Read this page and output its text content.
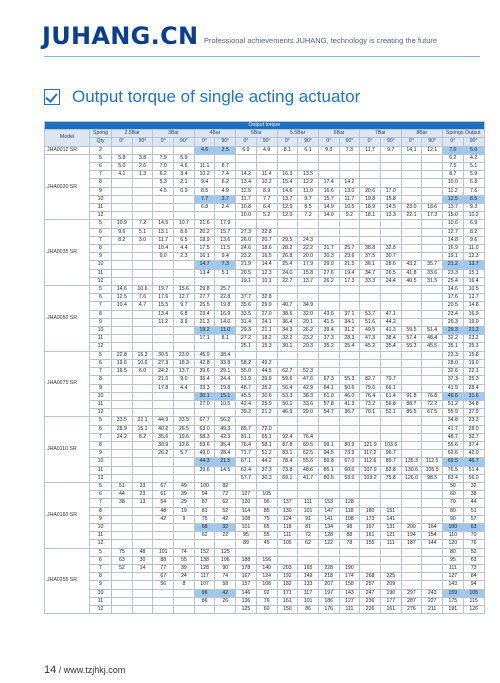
JUHANG.CN Professional achievements JUHANG, technology is creating the future
Output torque of single acting actuator
Output torque																			
Model	Spring	2.5Bar		3Bar		4Bar		5Bar		5.5Bar		6Bar		7Bar		8Bar		Springs Output	
	Qty	0°	90°	0°	90°	0°	90°	0°	90°	0°	90°	0°	90°	0°	90°	0°	90°	0°	90°
JHA0012 SR	2					4.6	2.5	6.9	4.9	8.1	6.1	9.3	7.3	11.7	9.7	14.1	12.1	7.0	5.0
JHA0020 SR	5	5.8	3.8	7.9	5.9													6.2	4.2
	6	5.0	2.6	7.0	4.6	11.1	8.7											7.5	5.1
	7	4.1	1.3	6.2	3.4	10.2	7.4	14.2	11.4	16.3	13.5							8.7	5.9
	8			5.3	2.1	9.4	6.2	13.4	10.2	15.4	12.2	17.4	14.2					10.0	6.8
	9			4.5	0.9	8.5	4.9	12.5	8.9	14.6	11.0	16.6	13.0	20.6	17.0			11.2	7.6
	10					7.7	3.7	11.7	7.7	13.7	9.7	15.7	11.7	19.8	15.8			12.5	8.5
	11					6.8	2.4	10.8	6.4	12.9	8.5	14.9	10.5	18.9	14.5	23.0	18.6	13.7	9.3
	12							10.0	5.2	12.0	7.2	14.0	9.2	18.1	13.3	22.1	17.3	15.0	10.2
JHA0035 SR	5	10.9	7.2	14.5	10.7	21.6	17.9											10.6	6.9
	6	9.6	5.1	13.1	8.6	20.2	15.7	27.3	22.8									12.7	8.2
	7	8.2	3.0	11.7	6.5	18.9	13.6	26.0	20.7	29.5	24.3							14.8	9.6
	8			10.4	4.4	17.5	11.5	24.6	18.6	28.2	22.2	31.7	25.7	38.8	32.8			16.9	11.0
	9			9.0	2.3	16.1	9.4	23.2	16.5	26.8	20.0	30.3	23.6	37.5	30.7			19.1	12.3
	10					14.7	7.3	21.9	14.4	25.4	17.9	29.0	21.5	36.1	28.6	43.2	35.7	21.2	13.7
	11					13.4	5.1	20.5	12.3	24.0	15.8	27.6	19.4	34.7	26.5	41.8	33.6	23.3	15.1
	12							19.1	10.1	22.7	13.7	26.2	17.3	33.3	24.4	40.5	31.5	25.4	16.4
JHA0050 SR	5	14.6	10.6	19.7	15.6	29.8	25.7											14.6	10.5
	6	12.5	7.6	17.6	12.7	27.7	22.8	37.7	32.8									17.6	12.7
	7	10.4	4.7	15.5	9.7	25.5	19.8	35.6	29.9	40.7	34.9							20.5	14.8
	8			13.4	6.8	23.4	16.9	33.5	27.0	38.6	32.0	43.6	37.1	53.7	47.1			23.4	16.9
	9			11.2	3.9	21.3	14.0	31.4	24.1	36.4	29.1	41.5	34.1	51.6	44.2			26.3	19.0
	10					19.2	11.0	29.3	21.1	34.3	26.2	39.4	31.2	49.5	41.3	59.5	51.4	29.3	21.2
	11					17.1	8.1	27.2	18.2	32.2	23.2	37.3	28.3	47.3	38.4	57.4	48.4	32.2	23.2
	12							25.1	15.3	30.1	20.3	35.2	25.4	45.2	35.4	55.3	45.5	35.1	25.3
JHA0075 SR	5	22.8	15.3	30.5	23.0	45.9	38.4											23.3	15.8
	6	19.6	10.6	27.3	18.3	42.8	33.8	58.2	49.2									28.0	19.0
	7	16.5	6.0	24.2	13.7	39.6	29.1	55.0	44.5	62.7	52.3							32.6	22.1
	8			21.0	9.0	36.4	24.4	51.9	39.9	59.6	47.6	67.3	55.3	82.7	70.7			37.3	25.3
	9			17.8	4.4	33.3	19.8	48.7	35.2	56.4	42.9	64.1	50.6	79.6	66.1			41.9	28.4
	10					30.1	15.1	45.5	30.6	53.3	38.3	61.0	46.0	76.4	61.4	91.8	76.8	46.6	31.6
	11					27.0	10.5	42.4	25.9	50.1	33.6	57.8	41.3	73.2	56.8	88.7	72.2	51.2	34.8
	12							39.2	21.2	46.9	29.0	54.7	36.7	70.1	52.1	85.5	67.5	55.9	37.9
JHA0110 SR	5	33.5	22.1	44.9	33.5	67.7	56.2											34.8	23.3
	6	28.9	15.1	40.2	26.5	63.0	49.3	85.7	72.0									41.7	28.0
	7	24.2	8.2	35.6	19.6	58.3	42.3	81.1	65.1	92.4	76.4							48.7	32.7
	8			30.9	12.6	53.6	35.4	76.4	58.1	87.8	69.5	99.1	80.9	121.9	103.6			55.6	37.4
	9			26.2	5.7	49.0	28.4	71.7	51.2	83.1	62.5	94.5	73.9	117.2	96.7			62.6	42.0
	10					44.3	21.5	67.1	44.2	78.4	55.6	89.8	67.0	112.6	89.7	135.3	112.5	69.5	46.7
	11					39.6	14.5	62.4	37.3	73.8	48.6	85.1	60.0	107.9	82.8	130.6	105.5	76.5	51.4
	12							57.7	30.3	69.1	41.7	80.5	53.0	103.2	75.8	126.0	98.5	83.4	56.0
JHA0160 SR	5	51	33	67	49	100	82											50	32
	6	44	23	61	39	94	72	127	105									60	38
	7	38	13	54	29	87	62	120	96	137	111	153	128					70	44
	8			48	19	81	52	114	85	130	101	147	118	180	151			80	51
	9			42	9	75	42	108	75	124	91	141	108	173	141			90	57
	10					68	32	101	65	118	81	134	98	167	131	200	164	100	63
	11					62	22	95	55	111	72	128	88	161	121	194	154	110	70
	12							89	45	105	62	122	78	155	111	187	144	120	76
JHA0255 SR	5	75	48	101	74	152	125											80	52
	6	63	30	88	55	138	106	188	156									95	63
	7	52	14	77	39	128	90	178	140	203	165	228	190					111	73
	8			67	24	117	74	167	124	192	149	218	174	268	225			127	84
	9			56	8	107	58	157	108	182	133	207	158	257	209			143	94
	10					96	42	146	92	171	117	197	143	247	190	297	243	159	105
	11					86	26	136	76	161	101	186	127	236	177	287	227	175	115
	12							125	60	150	86	176	111	226	161	276	211	191	126
14 / www.tzjhkj.com
